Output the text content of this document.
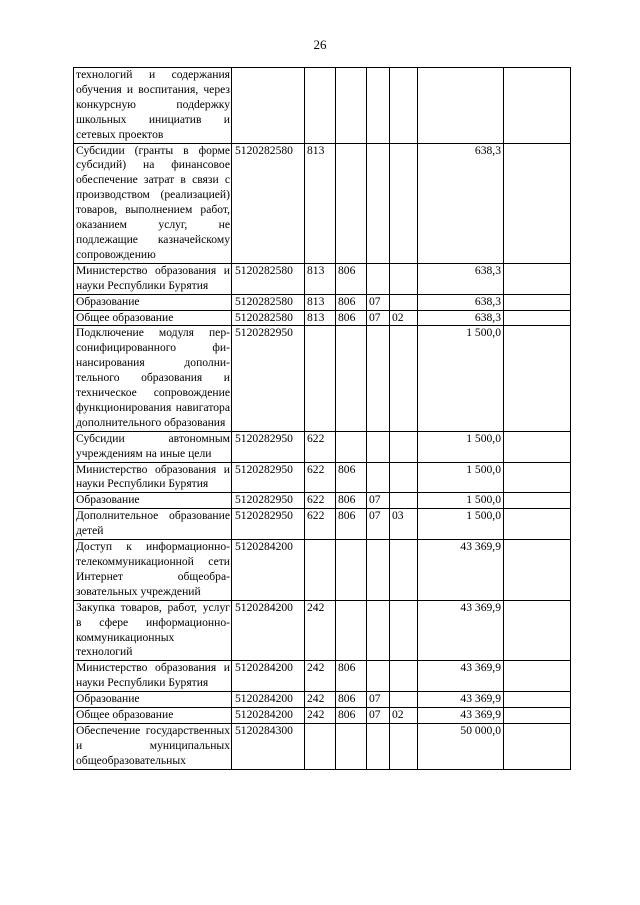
26
технологий и содержания обучения и воспитания, через конкурсную подdержку школьных инициатив и сетевых проектов							
Субсидии (гранты в форме субсидий) на финансовое обеспечение затрат в связи с производством (реализацией) товаров, выполнением работ, оказанием услуг, не подлежащие казначейскому сопровождению	5120282580	813				638,3	
Министерство образования и науки Республики Бурятия	5120282580	813	806			638,3	
Образование	5120282580	813	806	07		638,3	
Общее образование	5120282580	813	806	07	02	638,3	
Подключение модуля персонифицированного финансирования дополнительного образования и техническое сопровождение функционирования навигатора дополнительного образования	5120282950					1 500,0	
Субсидии автономным учреждениям на иные цели	5120282950	622				1 500,0	
Министерство образования и науки Республики Бурятия	5120282950	622	806			1 500,0	
Образование	5120282950	622	806	07		1 500,0	
Дополнительное образование детей	5120282950	622	806	07	03	1 500,0	
Доступ к информационно-телекоммуникационной сети Интернет общеобразовательных учреждений	5120284200					43 369,9	
Закупка товаров, работ, услуг в сфере информационно-коммуникационных технологий	5120284200	242				43 369,9	
Министерство образования и науки Республики Бурятия	5120284200	242	806			43 369,9	
Образование	5120284200	242	806	07		43 369,9	
Общее образование	5120284200	242	806	07	02	43 369,9	
Обеспечение государственных и муниципальных общеобразовательных	5120284300					50 000,0	
